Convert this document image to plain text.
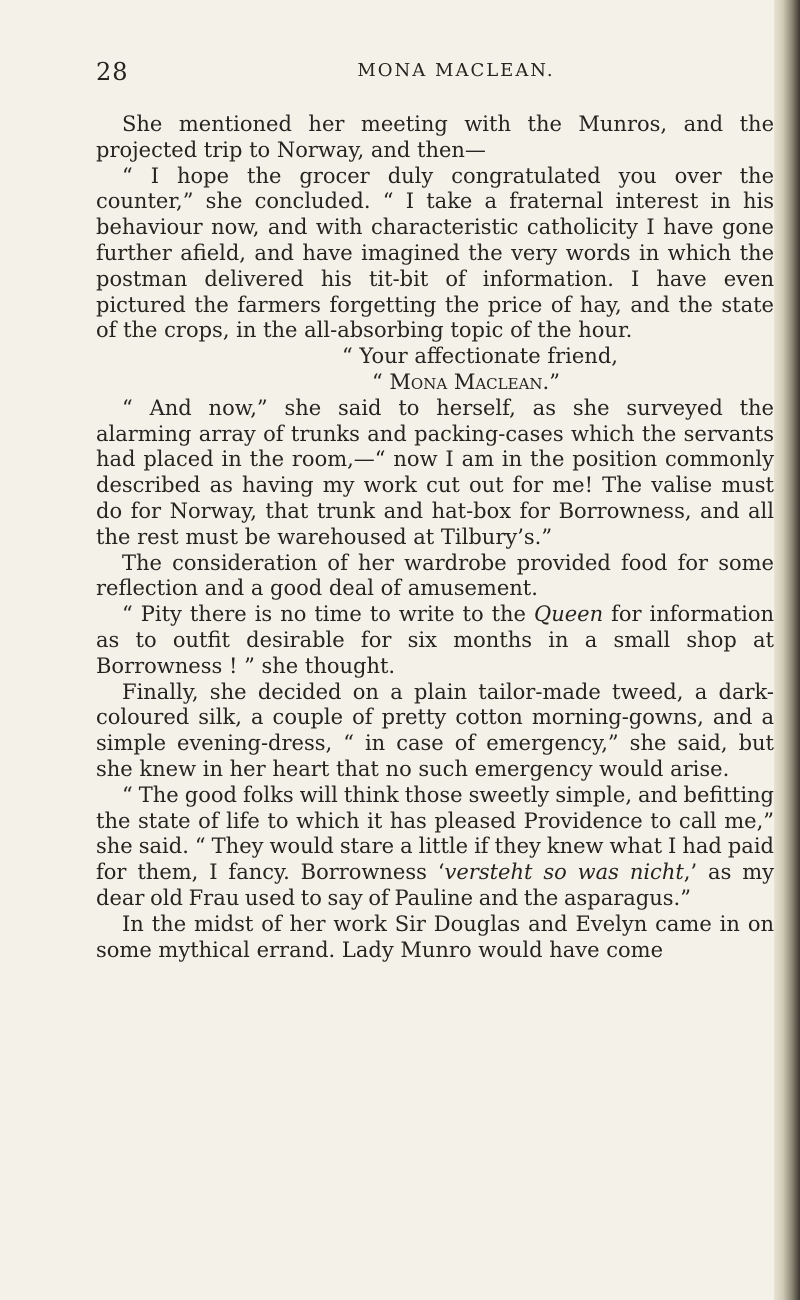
28	MONA MACLEAN.

She mentioned her meeting with the Munros, and the projected trip to Norway, and then—

“ I hope the grocer duly congratulated you over the counter,” she concluded. “ I take a fraternal interest in his behaviour now, and with characteristic catholicity I have gone further afield, and have imagined the very words in which the postman delivered his tit-bit of information. I have even pictured the farmers forgetting the price of hay, and the state of the crops, in the all-absorbing topic of the hour.

“ Your affectionate friend,

“ Mona Maclean.”

“ And now,” she said to herself, as she surveyed the alarming array of trunks and packing-cases which the servants had placed in the room,—“ now I am in the position commonly described as having my work cut out for me! The valise must do for Norway, that trunk and hat-box for Borrowness, and all the rest must be warehoused at Tilbury’s.”

The consideration of her wardrobe provided food for some reflection and a good deal of amusement.

“ Pity there is no time to write to the Queen for information as to outfit desirable for six months in a small shop at Borrowness ! ” she thought.

Finally, she decided on a plain tailor-made tweed, a dark-coloured silk, a couple of pretty cotton morning-gowns, and a simple evening-dress, “ in case of emergency,” she said, but she knew in her heart that no such emergency would arise.

“ The good folks will think those sweetly simple, and befitting the state of life to which it has pleased Providence to call me,” she said. “ They would stare a little if they knew what I had paid for them, I fancy. Borrowness ‘versteht so was nicht,’ as my dear old Frau used to say of Pauline and the asparagus.”

In the midst of her work Sir Douglas and Evelyn came in on some mythical errand. Lady Munro would have come
